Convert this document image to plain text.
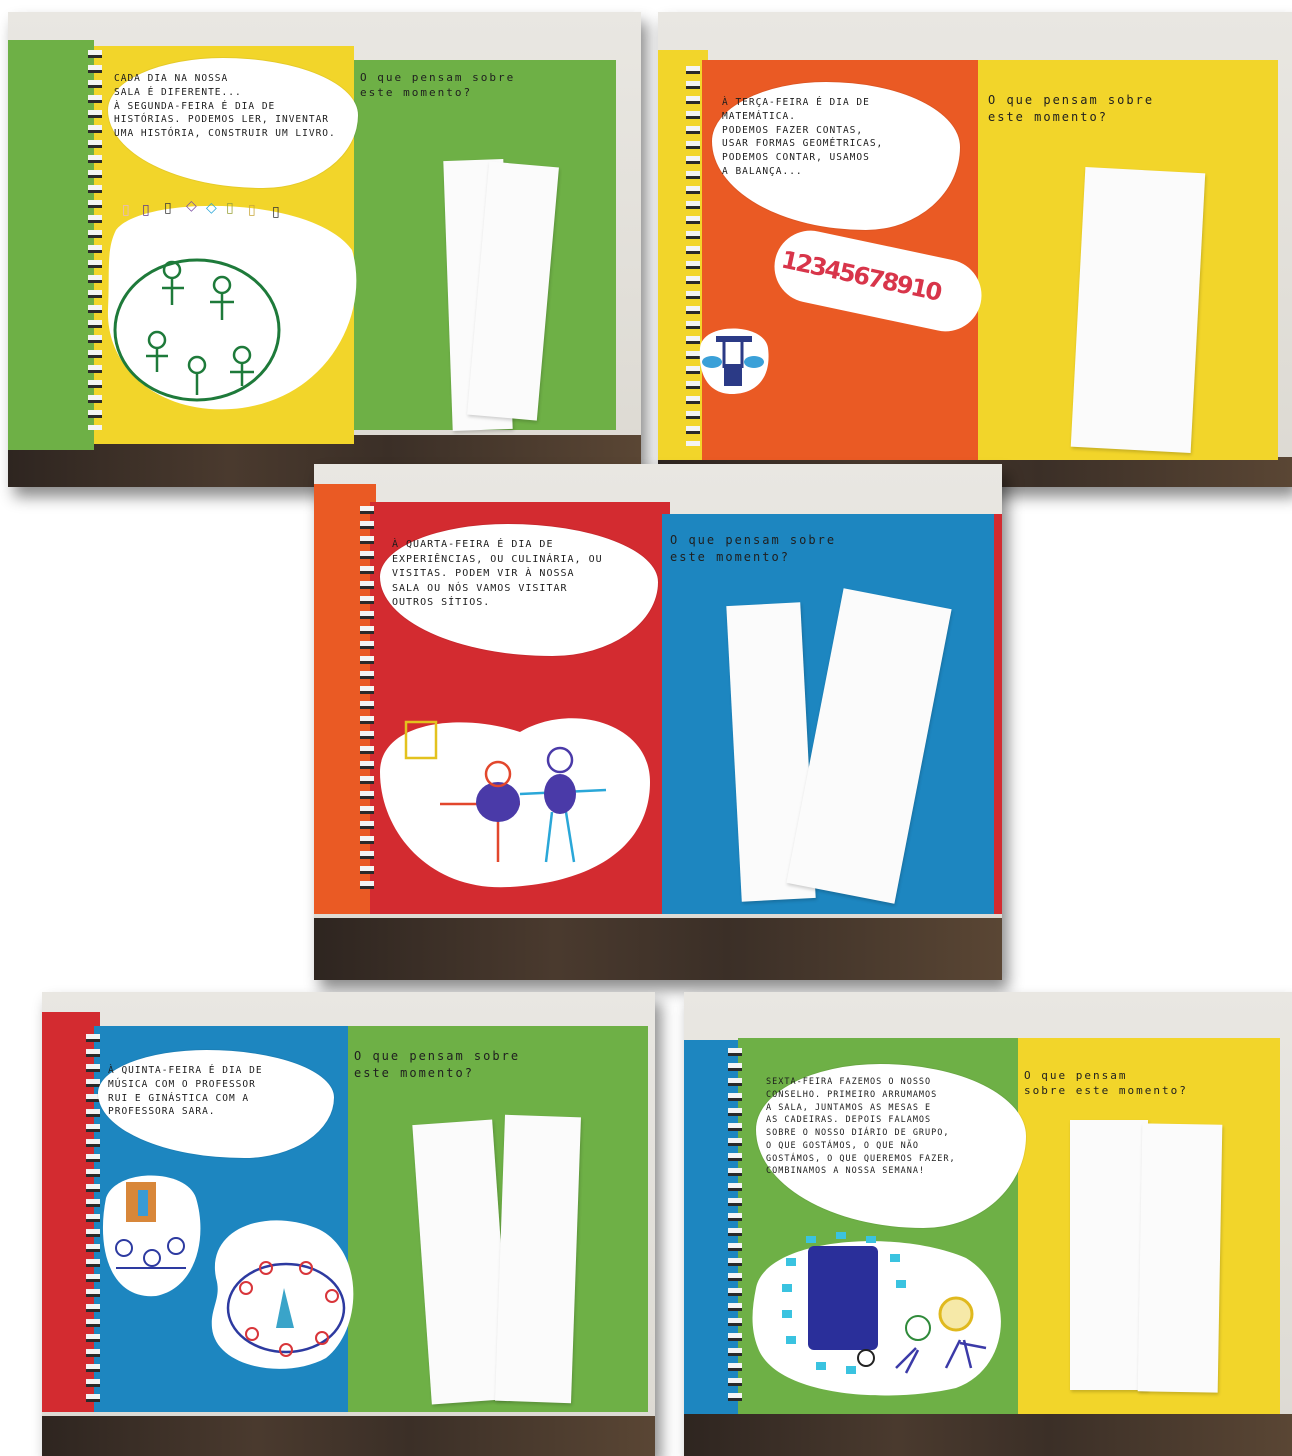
CADA DIA NA NOSSA
SALA É DIFERENTE...
À SEGUNDA-FEIRA É DIA DE
HISTÓRIAS. PODEMOS LER, INVENTAR
UMA HISTÓRIA, CONSTRUIR UM LIVRO.
O que pensam sobre
este momento?
▯ ▯ ▯ ◇ ◇ ▯ ▯ ▯
À TERÇA-FEIRA É DIA DE
MATEMÁTICA.
PODEMOS FAZER CONTAS,
USAR FORMAS GEOMÉTRICAS,
PODEMOS CONTAR, USAMOS
A BALANÇA...
O que pensam sobre
este momento?
12345678910
À QUARTA-FEIRA É DIA DE
EXPERIÊNCIAS, OU CULINÁRIA, OU
VISITAS. PODEM VIR À NOSSA
SALA OU NÓS VAMOS VISITAR
OUTROS SÍTIOS.
O que pensam sobre
este momento?
À QUINTA-FEIRA É DIA DE
MÚSICA COM O PROFESSOR
RUI E GINÁSTICA COM A
PROFESSORA SARA.
O que pensam sobre
este momento?
SEXTA-FEIRA FAZEMOS O NOSSO
CONSELHO. PRIMEIRO ARRUMAMOS
A SALA, JUNTAMOS AS MESAS E
AS CADEIRAS. DEPOIS FALAMOS
SOBRE O NOSSO DIÁRIO DE GRUPO,
O QUE GOSTÁMOS, O QUE NÃO
GOSTÁMOS, O QUE QUEREMOS FAZER,
COMBINAMOS A NOSSA SEMANA!
O que pensam
sobre este momento?
